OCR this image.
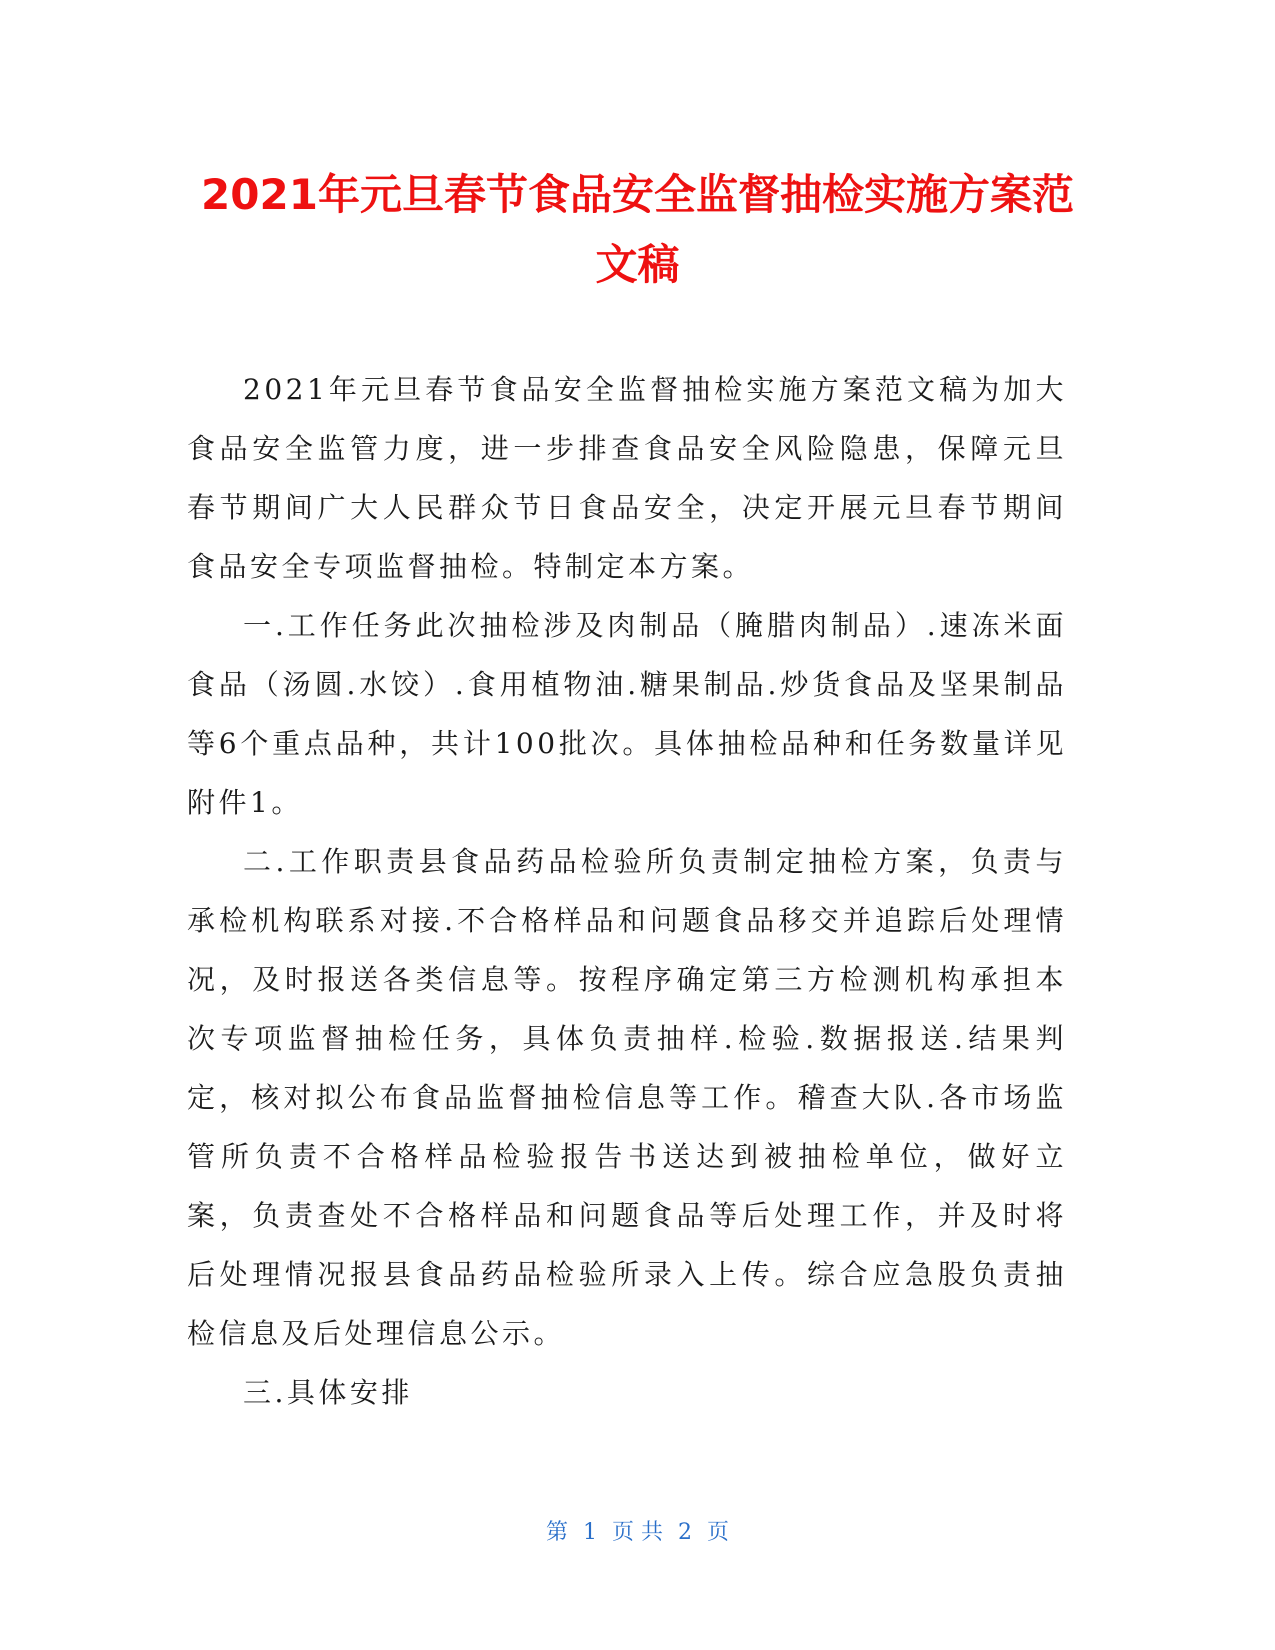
2021年元旦春节食品安全监督抽检实施方案范
文稿

2021年元旦春节食品安全监督抽检实施方案范文稿为加大食品安全监管力度，进一步排查食品安全风险隐患，保障元旦春节期间广大人民群众节日食品安全，决定开展元旦春节期间食品安全专项监督抽检。特制定本方案。

一.工作任务此次抽检涉及肉制品（腌腊肉制品）.速冻米面食品（汤圆.水饺）.食用植物油.糖果制品.炒货食品及坚果制品等6个重点品种，共计100批次。具体抽检品种和任务数量详见附件1。

二.工作职责县食品药品检验所负责制定抽检方案，负责与承检机构联系对接.不合格样品和问题食品移交并追踪后处理情况，及时报送各类信息等。按程序确定第三方检测机构承担本次专项监督抽检任务，具体负责抽样.检验.数据报送.结果判定，核对拟公布食品监督抽检信息等工作。稽查大队.各市场监管所负责不合格样品检验报告书送达到被抽检单位，做好立案，负责查处不合格样品和问题食品等后处理工作，并及时将后处理情况报县食品药品检验所录入上传。综合应急股负责抽检信息及后处理信息公示。

三.具体安排

第 1 页 共 2 页
